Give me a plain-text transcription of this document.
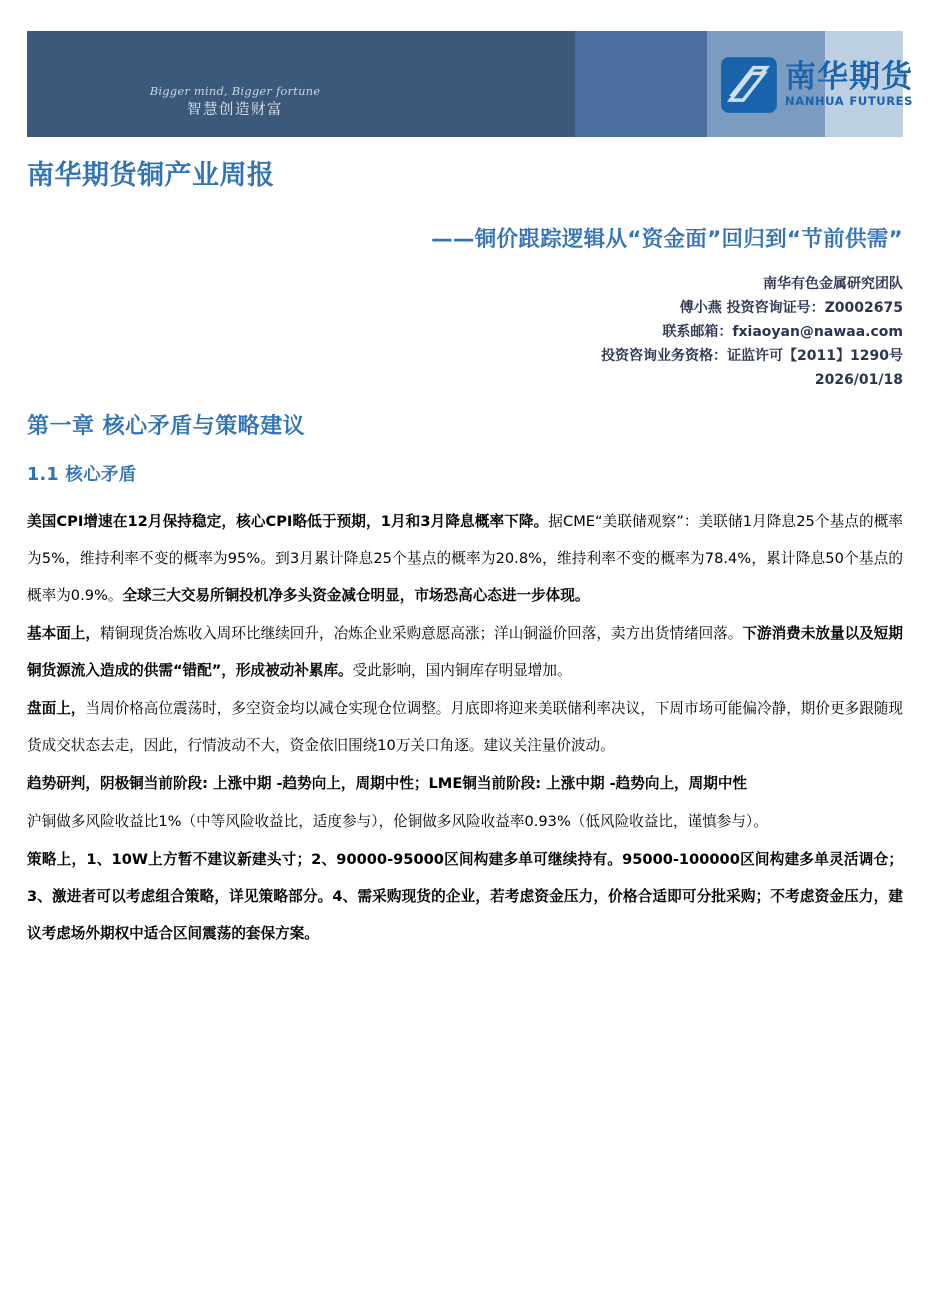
Bigger mind, Bigger fortune
智慧创造财富
南华期货
NANHUA FUTURES
南华期货铜产业周报
——铜价跟踪逻辑从“资金面”回归到“节前供需”
南华有色金属研究团队
傅小燕 投资咨询证号：Z0002675
联系邮箱：fxiaoyan@nawaa.com
投资咨询业务资格：证监许可【2011】1290号
2026/01/18
第一章 核心矛盾与策略建议
1.1 核心矛盾

美国CPI增速在12月保持稳定，核心CPI略低于预期，1月和3月降息概率下降。据CME“美联储观察”：美联储1月降息25个基点的概率为5%，维持利率不变的概率为95%。到3月累计降息25个基点的概率为20.8%，维持利率不变的概率为78.4%，累计降息50个基点的概率为0.9%。全球三大交易所铜投机净多头资金减仓明显，市场恐高心态进一步体现。

基本面上，精铜现货冶炼收入周环比继续回升，冶炼企业采购意愿高涨；洋山铜溢价回落，卖方出货情绪回落。下游消费未放量以及短期铜货源流入造成的供需“错配”，形成被动补累库。受此影响，国内铜库存明显增加。

盘面上，当周价格高位震荡时，多空资金均以减仓实现仓位调整。月底即将迎来美联储利率决议，下周市场可能偏冷静，期价更多跟随现货成交状态去走，因此，行情波动不大，资金依旧围绕10万关口角逐。建议关注量价波动。

趋势研判，阴极铜当前阶段: 上涨中期 -趋势向上，周期中性；LME铜当前阶段: 上涨中期 -趋势向上，周期中性

沪铜做多风险收益比1%（中等风险收益比，适度参与），伦铜做多风险收益率0.93%（低风险收益比，谨慎参与）。

策略上，1、10W上方暂不建议新建头寸；2、90000-95000区间构建多单可继续持有。95000-100000区间构建多单灵活调仓；3、激进者可以考虑组合策略，详见策略部分。4、需采购现货的企业，若考虑资金压力，价格合适即可分批采购；不考虑资金压力，建议考虑场外期权中适合区间震荡的套保方案。
